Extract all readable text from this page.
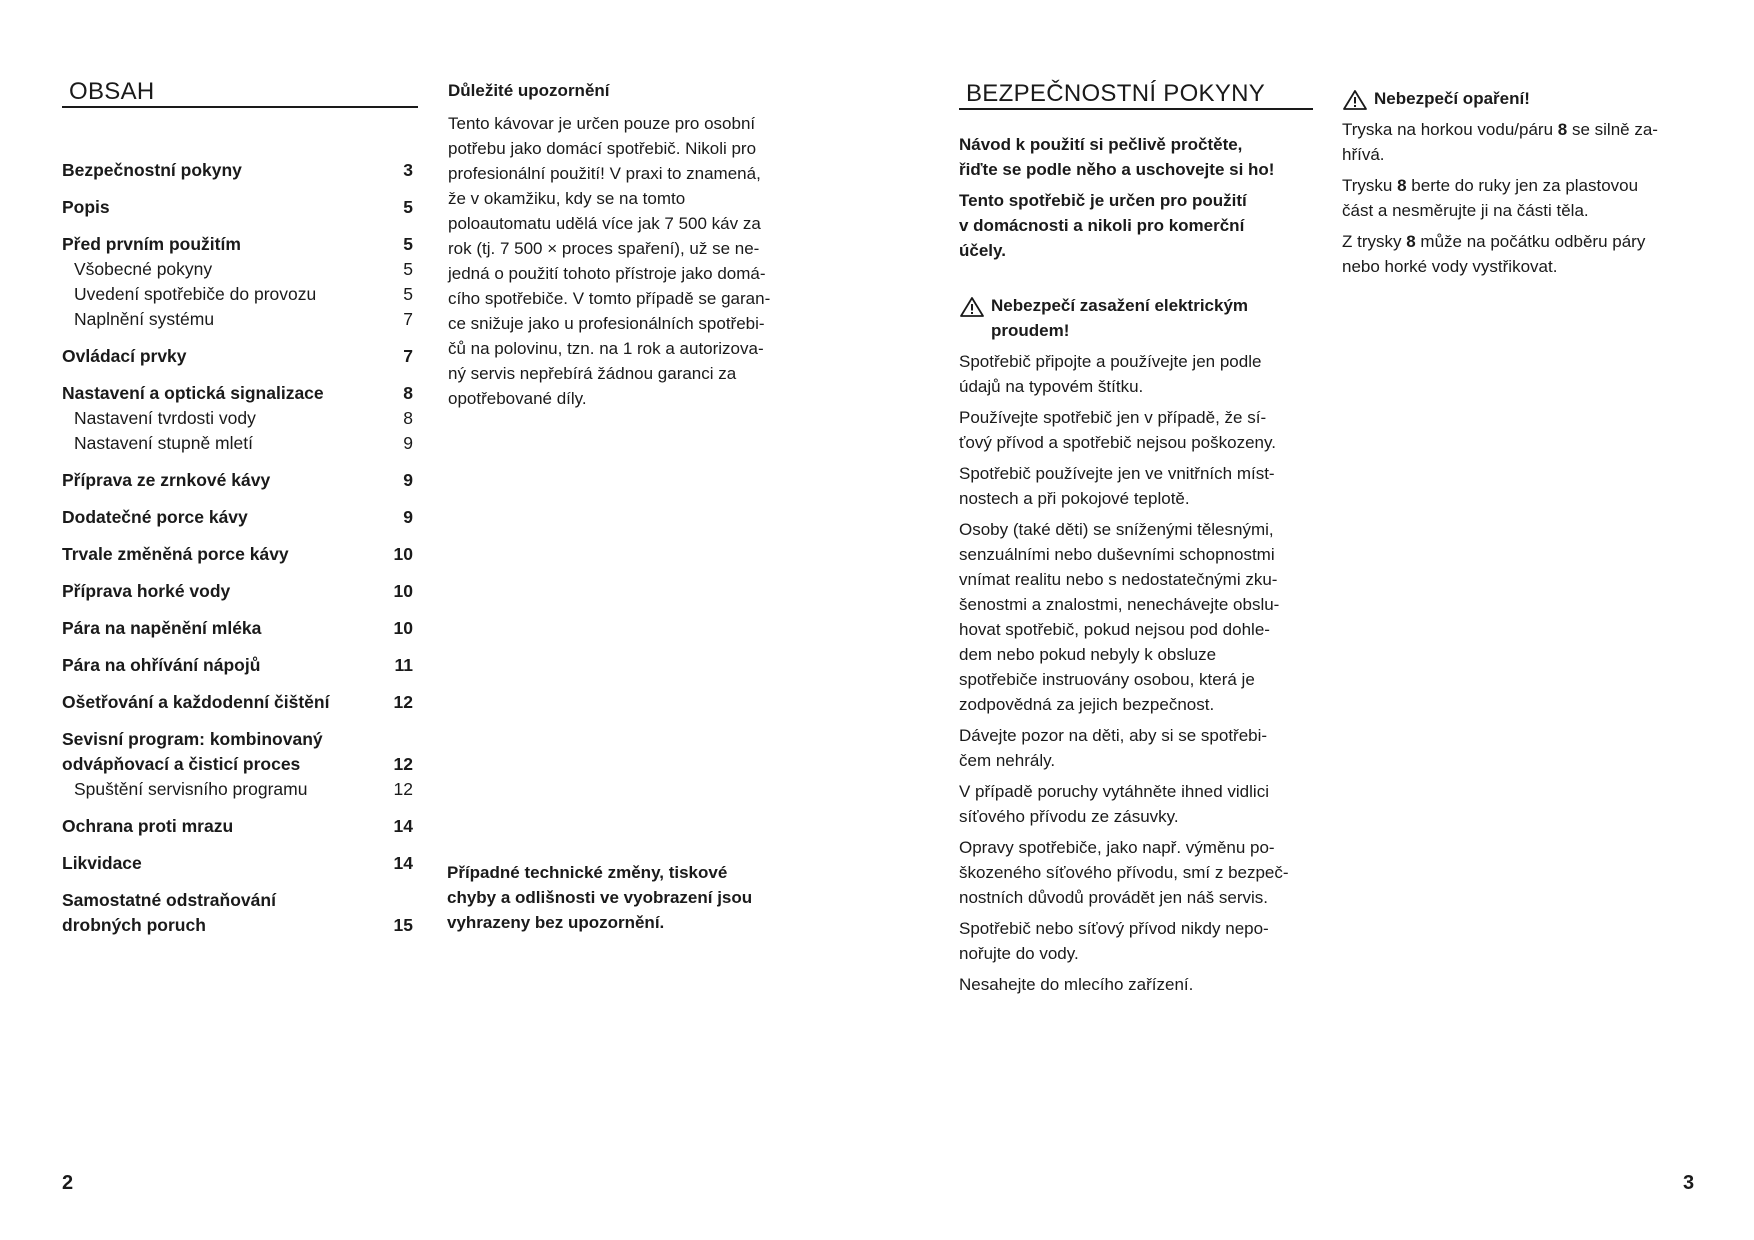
OBSAH
Bezpečnostní pokyny	3
Popis	5
Před prvním použitím	5
Všobecné pokyny	5
Uvedení spotřebiče do provozu	5
Naplnění systému	7
Ovládací prvky	7
Nastavení a optická signalizace	8
Nastavení tvrdosti vody	8
Nastavení stupně mletí	9
Příprava ze zrnkové kávy	9
Dodatečné porce kávy	9
Trvale změněná porce kávy	10
Příprava horké vody	10
Pára na napěnění mléka	10
Pára na ohřívání nápojů	11
Ošetřování a každodenní čištění	12
Sevisní program: kombinovaný
odvápňovací a čisticí proces	12
Spuštění servisního programu	12
Ochrana proti mrazu	14
Likvidace	14
Samostatné odstraňování
drobných poruch	15
Důležité upozornění
Tento kávovar je určen pouze pro osobní
potřebu jako domácí spotřebič. Nikoli pro
profesionální použití! V praxi to znamená,
že v okamžiku, kdy se na tomto
poloautomatu udělá více jak 7 500 káv za
rok (tj. 7 500 × proces spaření), už se ne-
jedná o použití tohoto přístroje jako domá-
cího spotřebiče. V tomto případě se garan-
ce snižuje jako u profesionálních spotřebi-
čů na polovinu, tzn. na 1 rok a autorizova-
ný servis nepřebírá žádnou garanci za
opotřebované díly.
Případné technické změny, tiskové
chyby a odlišnosti ve vyobrazení jsou
vyhrazeny bez upozornění.
2
BEZPEČNOSTNÍ POKYNY
Návod k použití si pečlivě pročtěte,
řiďte se podle něho a uschovejte si ho!
Tento spotřebič je určen pro použití
v domácnosti a nikoli pro komerční
účely.
Nebezpečí zasažení elektrickým
proudem!

Spotřebič připojte a používejte jen podle
údajů na typovém štítku.

Používejte spotřebič jen v případě, že sí-
ťový přívod a spotřebič nejsou poškozeny.

Spotřebič používejte jen ve vnitřních míst-
nostech a při pokojové teplotě.

Osoby (také děti) se sníženými tělesnými,
senzuálními nebo duševními schopnostmi
vnímat realitu nebo s nedostatečnými zku-
šenostmi a znalostmi, nenechávejte obslu-
hovat spotřebič, pokud nejsou pod dohle-
dem nebo pokud nebyly k obsluze
spotřebiče instruovány osobou, která je
zodpovědná za jejich bezpečnost.

Dávejte pozor na děti, aby si se spotřebi-
čem nehrály.

V případě poruchy vytáhněte ihned vidlici
síťového přívodu ze zásuvky.

Opravy spotřebiče, jako např. výměnu po-
škozeného síťového přívodu, smí z bezpeč-
nostních důvodů provádět jen náš servis.

Spotřebič nebo síťový přívod nikdy nepo-
nořujte do vody.

Nesahejte do mlecího zařízení.

Nebezpečí opaření!

Tryska na horkou vodu/páru 8 se silně za-
hřívá.

Trysku 8 berte do ruky jen za plastovou
část a nesměrujte ji na části těla.

Z trysky 8 může na počátku odběru páry
nebo horké vody vystřikovat.

3
